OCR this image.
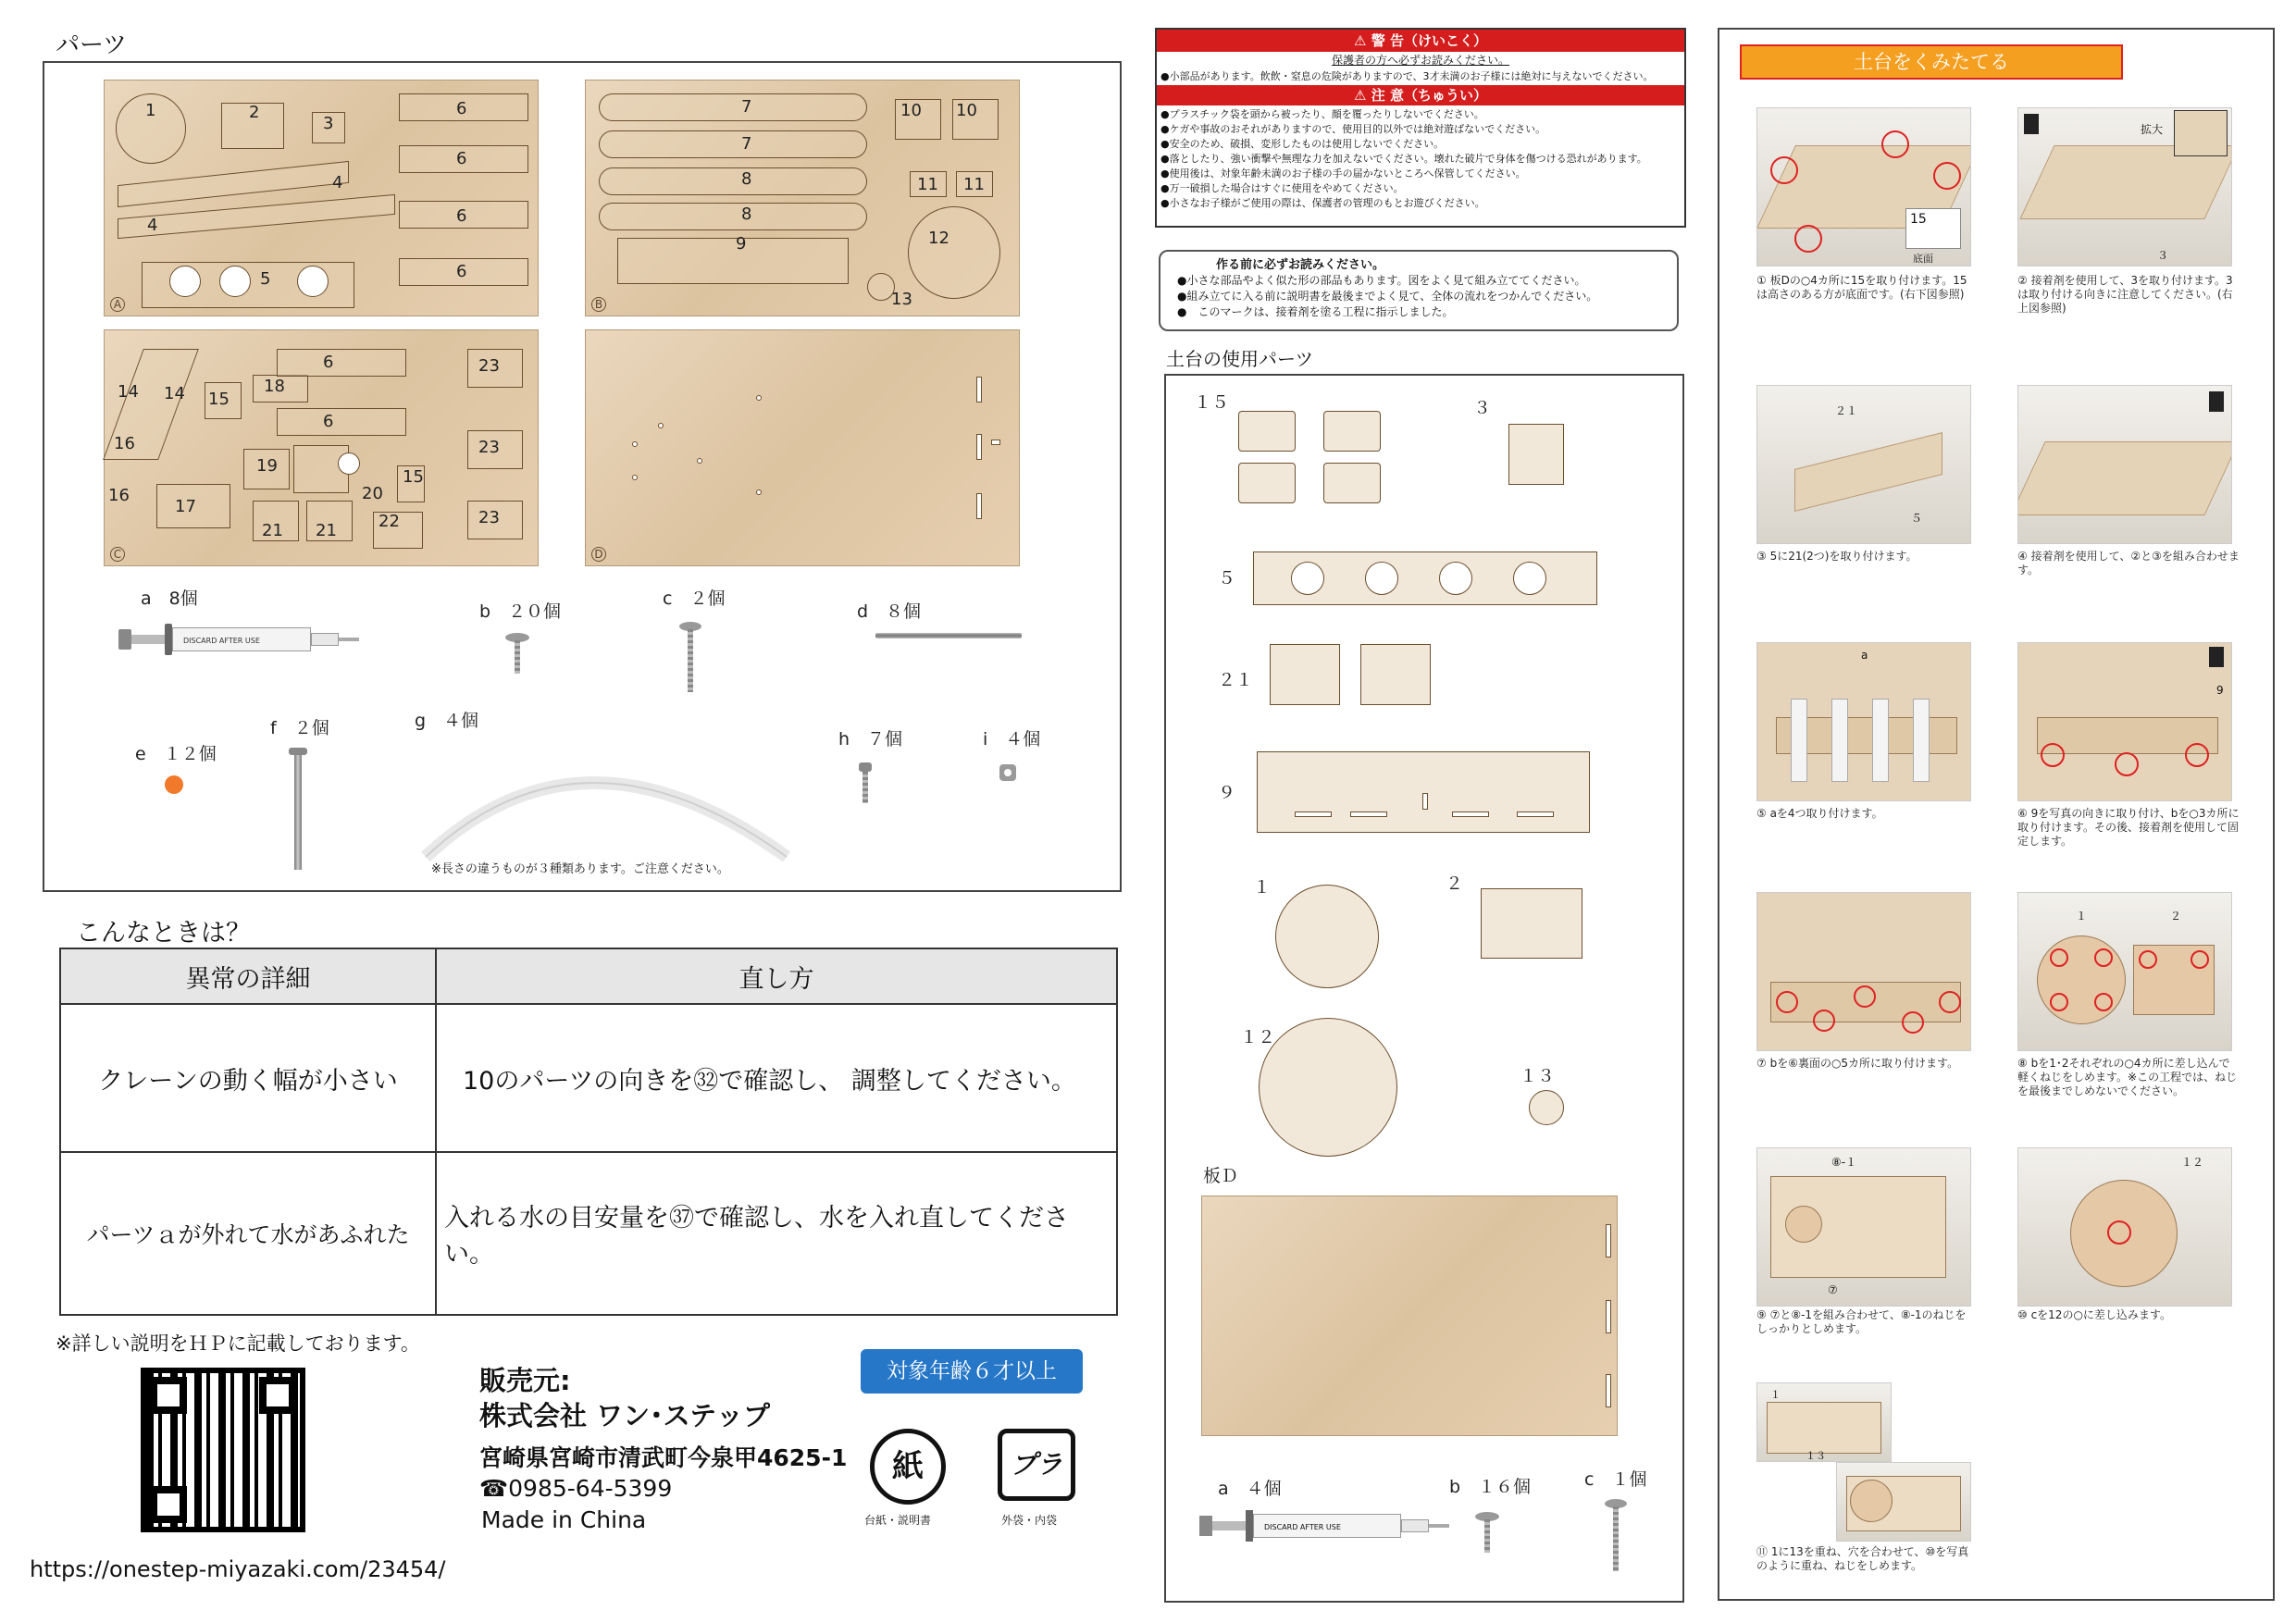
パーツ
1	2
3
4
4
5
6
6
6
6
A
7
7
8
8
9
10 10
11 11
12
13
B
14 14 15
16
16
17
18
19
20
21 21	22
23
23
23
6
6
15
C	D
a　8個
DISCARD AFTER USE
b　２０個
c　２個
d　８個
e　１２個
f　２個	g　４個
※長さの違うものが３種類あります。ご注意ください。
h　７個	i　４個
こんなときは？
異常の詳細	直し方
クレーンの動く幅が小さい	10のパーツの向きを㉜で確認し、 調整してください。
パーツａが外れて水があふれた	入れる水の目安量を㊲で確認し、水を入れ直してください。
※詳しい説明をＨＰに記載しております。
販売元:
株式会社 ワン･ステップ
宮崎県宮崎市清武町今泉甲4625-1
☎0985-64-5399
Made in China
https://onestep-miyazaki.com/23454/
対象年齢６才以上
紙
台紙・説明書
プラ
外袋・内袋
⚠ 警 告（けいこく）
保護者の方へ必ずお読みください。
●小部品があります。飲飲・窒息の危険がありますので、3才未満のお子様には絶対に与えないでください。
⚠ 注 意（ちゅうい）
●プラスチック袋を頭から被ったり、顔を覆ったりしないでください。
●ケガや事故のおそれがありますので、使用目的以外では絶対遊ばないでください。
●安全のため、破損、変形したものは使用しないでください。
●落としたり、強い衝撃や無理な力を加えないでください。壊れた破片で身体を傷つける恐れがあります。
●使用後は、対象年齢未満のお子様の手の届かないところへ保管してください。
●万一破損した場合はすぐに使用をやめてください。
●小さなお子様がご使用の際は、保護者の管理のもとお遊びください。
作る前に必ずお読みください。
●小さな部品やよく似た形の部品もあります。図をよく見て組み立ててください。
●組み立てに入る前に説明書を最後までよく見て、全体の流れをつかんでください。
●　このマークは、接着剤を塗る工程に指示しました。
土台の使用パーツ
１５	３
５
２１
９
１	２
１２
１３
板Ｄ
a　４個
DISCARD AFTER USE
b　１６個	c　１個
土台をくみたてる
15
底面
① 板Dの○4カ所に15を取り付けます。15は高さのある方が底面です。(右下図参照)
拡大
３
② 接着剤を使用して、3を取り付けます。3は取り付ける向きに注意してください。(右上図参照)
２１
５
③ 5に21(2つ)を取り付けます。	④ 接着剤を使用して、②と③を組み合わせます。
a
⑤ aを4つ取り付けます。
9
⑥ 9を写真の向きに取り付け、bを○3カ所に取り付けます。その後、接着剤を使用して固定します。
⑦ bを⑥裏面の○5カ所に取り付けます。
１	２
⑧ bを1･2それぞれの○4カ所に差し込んで軽くねじをしめます。※この工程では、ねじを最後までしめないでください。
⑧-１
⑦
⑨ ⑦と⑧-1を組み合わせて、⑧-1のねじをしっかりとしめます。
１２
⑩ cを12の○に差し込みます。
１
１３
⑪ 1に13を重ね、穴を合わせて、⑩を写真のように重ね、ねじをしめます。
